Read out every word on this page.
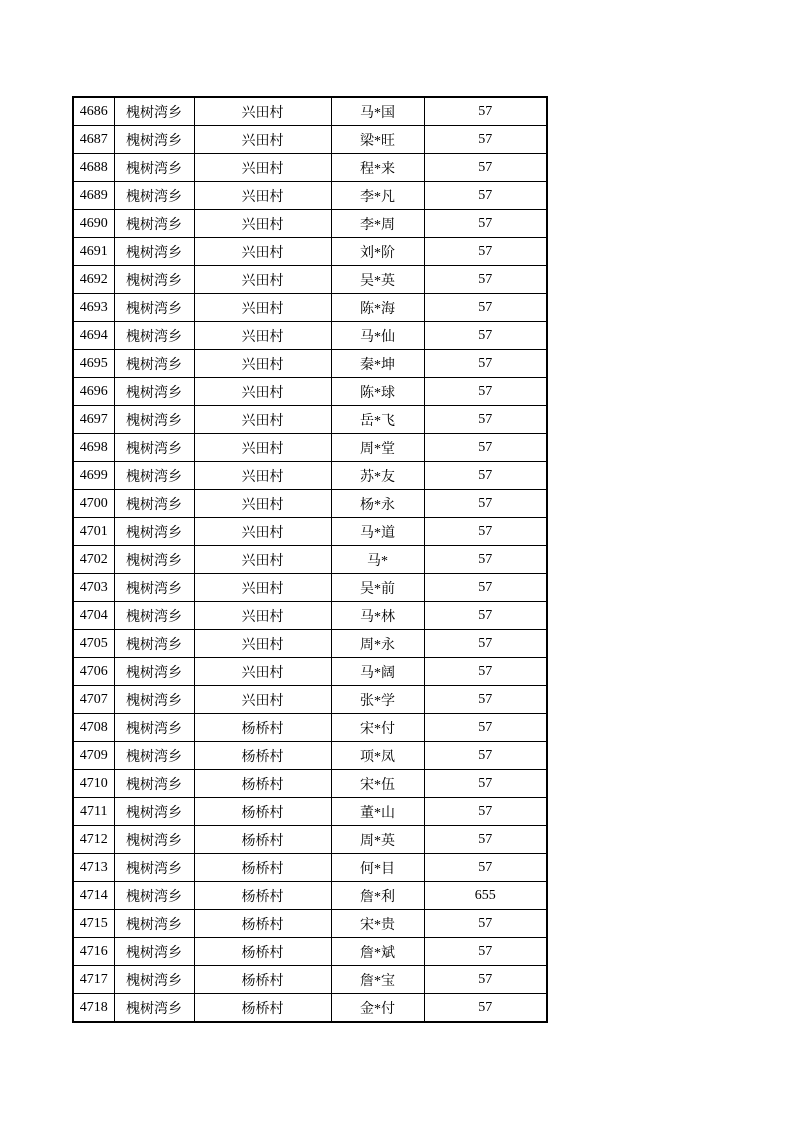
4686	槐树湾乡	兴田村	马*国	57
4687	槐树湾乡	兴田村	梁*旺	57
4688	槐树湾乡	兴田村	程*来	57
4689	槐树湾乡	兴田村	李*凡	57
4690	槐树湾乡	兴田村	李*周	57
4691	槐树湾乡	兴田村	刘*阶	57
4692	槐树湾乡	兴田村	吴*英	57
4693	槐树湾乡	兴田村	陈*海	57
4694	槐树湾乡	兴田村	马*仙	57
4695	槐树湾乡	兴田村	秦*坤	57
4696	槐树湾乡	兴田村	陈*球	57
4697	槐树湾乡	兴田村	岳*飞	57
4698	槐树湾乡	兴田村	周*堂	57
4699	槐树湾乡	兴田村	苏*友	57
4700	槐树湾乡	兴田村	杨*永	57
4701	槐树湾乡	兴田村	马*道	57
4702	槐树湾乡	兴田村	马*	57
4703	槐树湾乡	兴田村	吴*前	57
4704	槐树湾乡	兴田村	马*林	57
4705	槐树湾乡	兴田村	周*永	57
4706	槐树湾乡	兴田村	马*阔	57
4707	槐树湾乡	兴田村	张*学	57
4708	槐树湾乡	杨桥村	宋*付	57
4709	槐树湾乡	杨桥村	项*凤	57
4710	槐树湾乡	杨桥村	宋*伍	57
4711	槐树湾乡	杨桥村	董*山	57
4712	槐树湾乡	杨桥村	周*英	57
4713	槐树湾乡	杨桥村	何*目	57
4714	槐树湾乡	杨桥村	詹*利	655
4715	槐树湾乡	杨桥村	宋*贵	57
4716	槐树湾乡	杨桥村	詹*斌	57
4717	槐树湾乡	杨桥村	詹*宝	57
4718	槐树湾乡	杨桥村	金*付	57
